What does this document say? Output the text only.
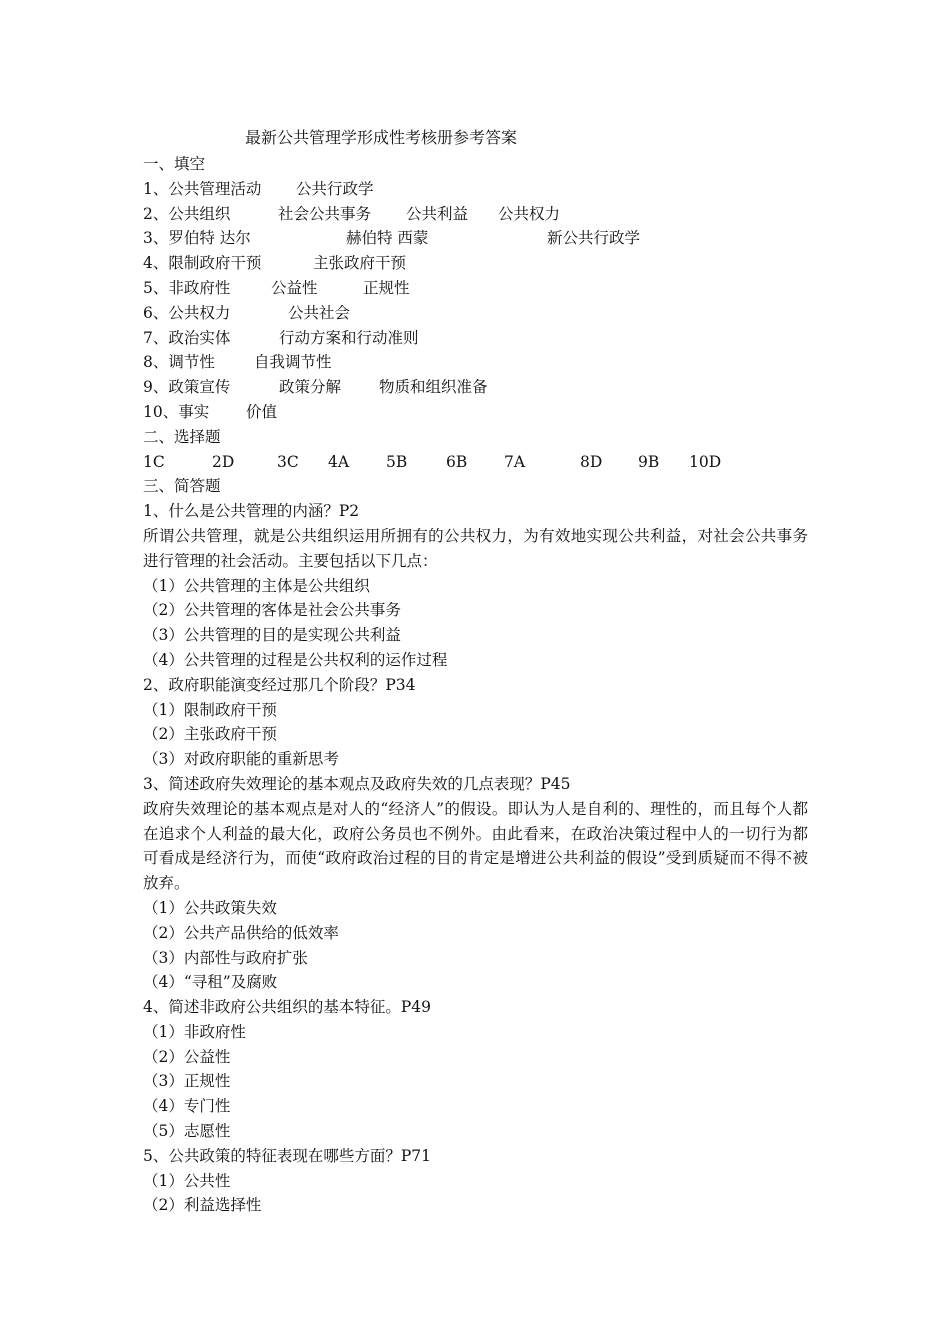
最新公共管理学形成性考核册参考答案
一、填空
1、公共管理活动 公共行政学
2、公共组织	社会公共事务 公共利益 公共权力
3、罗伯特 达尔	赫伯特 西蒙	新公共行政学
4、限制政府干预	主张政府干预
5、非政府性	公益性	正规性
6、公共权力	公共社会
7、政治实体	行动方案和行动准则
8、调节性	自我调节性
9、政策宣传	政策分解 物质和组织准备
10、事实 价值
二、选择题
1C	2D	3C 4A 5B 6B 7A	8D 9B 10D
三、简答题
1、什么是公共管理的内涵？P2
所谓公共管理，就是公共组织运用所拥有的公共权力，为有效地实现公共利益，对社会公共事务进行管理的社会活动。主要包括以下几点：
（1）公共管理的主体是公共组织
（2）公共管理的客体是社会公共事务
（3）公共管理的目的是实现公共利益
（4）公共管理的过程是公共权利的运作过程
2、政府职能演变经过那几个阶段？P34
（1）限制政府干预
（2）主张政府干预
（3）对政府职能的重新思考
3、简述政府失效理论的基本观点及政府失效的几点表现？P45
政府失效理论的基本观点是对人的“经济人”的假设。即认为人是自利的、理性的，而且每个人都在追求个人利益的最大化，政府公务员也不例外。由此看来，在政治决策过程中人的一切行为都可看成是经济行为，而使“政府政治过程的目的肯定是增进公共利益的假设”受到质疑而不得不被放弃。
（1）公共政策失效
（2）公共产品供给的低效率
（3）内部性与政府扩张
（4）“寻租”及腐败
4、简述非政府公共组织的基本特征。P49
（1）非政府性
（2）公益性
（3）正规性
（4）专门性
（5）志愿性
5、公共政策的特征表现在哪些方面？P71
（1）公共性
（2）利益选择性
